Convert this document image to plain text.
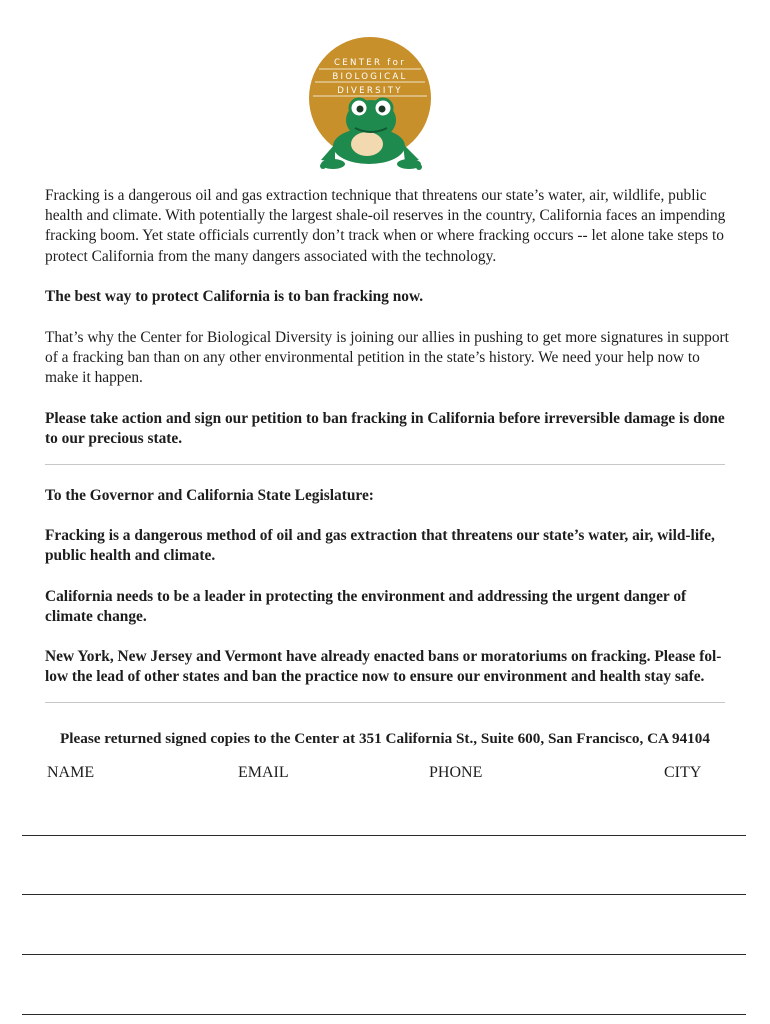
CENTER for
BIOLOGICAL
DIVERSITY

Fracking is a dangerous oil and gas extraction technique that threatens our state’s water, air, wildlife, public health and climate. With potentially the largest shale-oil reserves in the country, California faces an impending fracking boom. Yet state officials currently don’t track when or where fracking occurs -- let alone take steps to protect California from the many dangers associated with the technology.

The best way to protect California is to ban fracking now.

That’s why the Center for Biological Diversity is joining our allies in pushing to get more signatures in support of a fracking ban than on any other environmental petition in the state’s history. We need your help now to make it happen.

Please take action and sign our petition to ban fracking in California before irreversible damage is done to our precious state.

To the Governor and California State Legislature:

Fracking is a dangerous method of oil and gas extraction that threatens our state’s water, air, wild-life, public health and climate.

California needs to be a leader in protecting the environment and addressing the urgent danger of climate change.

New York, New Jersey and Vermont have already enacted bans or moratoriums on fracking. Please fol-low the lead of other states and ban the practice now to ensure our environment and health stay safe.

Please returned signed copies to the Center at 351 California St., Suite 600, San Francisco, CA 94104
NAME	EMAIL	PHONE	CITY
